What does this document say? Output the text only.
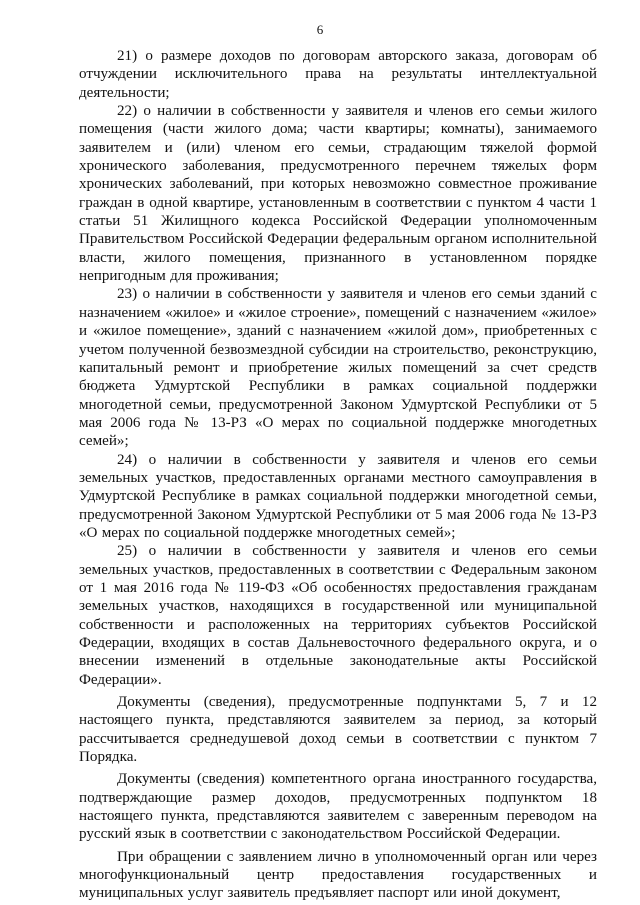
6

21) о размере доходов по договорам авторского заказа, договорам об отчуждении исключительного права на результаты интеллектуальной деятельности;

22) о наличии в собственности у заявителя и членов его семьи жилого помещения (части жилого дома; части квартиры; комнаты), занимаемого заявителем и (или) членом его семьи, страдающим тяжелой формой хронического заболевания, предусмотренного перечнем тяжелых форм хронических заболеваний, при которых невозможно совместное проживание граждан в одной квартире, установленным в соответствии с пунктом 4 части 1 статьи 51 Жилищного кодекса Российской Федерации уполномоченным Правительством Российской Федерации федеральным органом исполнительной власти, жилого помещения, признанного в установленном порядке непригодным для проживания;

23) о наличии в собственности у заявителя и членов его семьи зданий с назначением «жилое» и «жилое строение», помещений с назначением «жилое» и «жилое помещение», зданий с назначением «жилой дом», приобретенных с учетом полученной безвозмездной субсидии на строительство, реконструкцию, капитальный ремонт и приобретение жилых помещений за счет средств бюджета Удмуртской Республики в рамках социальной поддержки многодетной семьи, предусмотренной Законом Удмуртской Республики от 5 мая 2006 года № 13-РЗ «О мерах по социальной поддержке многодетных семей»;

24) о наличии в собственности у заявителя и членов его семьи земельных участков, предоставленных органами местного самоуправления в Удмуртской Республике в рамках социальной поддержки многодетной семьи, предусмотренной Законом Удмуртской Республики от 5 мая 2006 года № 13-РЗ «О мерах по социальной поддержке многодетных семей»;

25) о наличии в собственности у заявителя и членов его семьи земельных участков, предоставленных в соответствии с Федеральным законом от 1 мая 2016 года № 119-ФЗ «Об особенностях предоставления гражданам земельных участков, находящихся в государственной или муниципальной собственности и расположенных на территориях субъектов Российской Федерации, входящих в состав Дальневосточного федерального округа, и о внесении изменений в отдельные законодательные акты Российской Федерации».

Документы (сведения), предусмотренные подпунктами 5, 7 и 12 настоящего пункта, представляются заявителем за период, за который рассчитывается среднедушевой доход семьи в соответствии с пунктом 7 Порядка.

Документы (сведения) компетентного органа иностранного государства, подтверждающие размер доходов, предусмотренных подпунктом 18 настоящего пункта, представляются заявителем с заверенным переводом на русский язык в соответствии с законодательством Российской Федерации.

При обращении с заявлением лично в уполномоченный орган или через многофункциональный центр предоставления государственных и муниципальных услуг заявитель предъявляет паспорт или иной документ,
